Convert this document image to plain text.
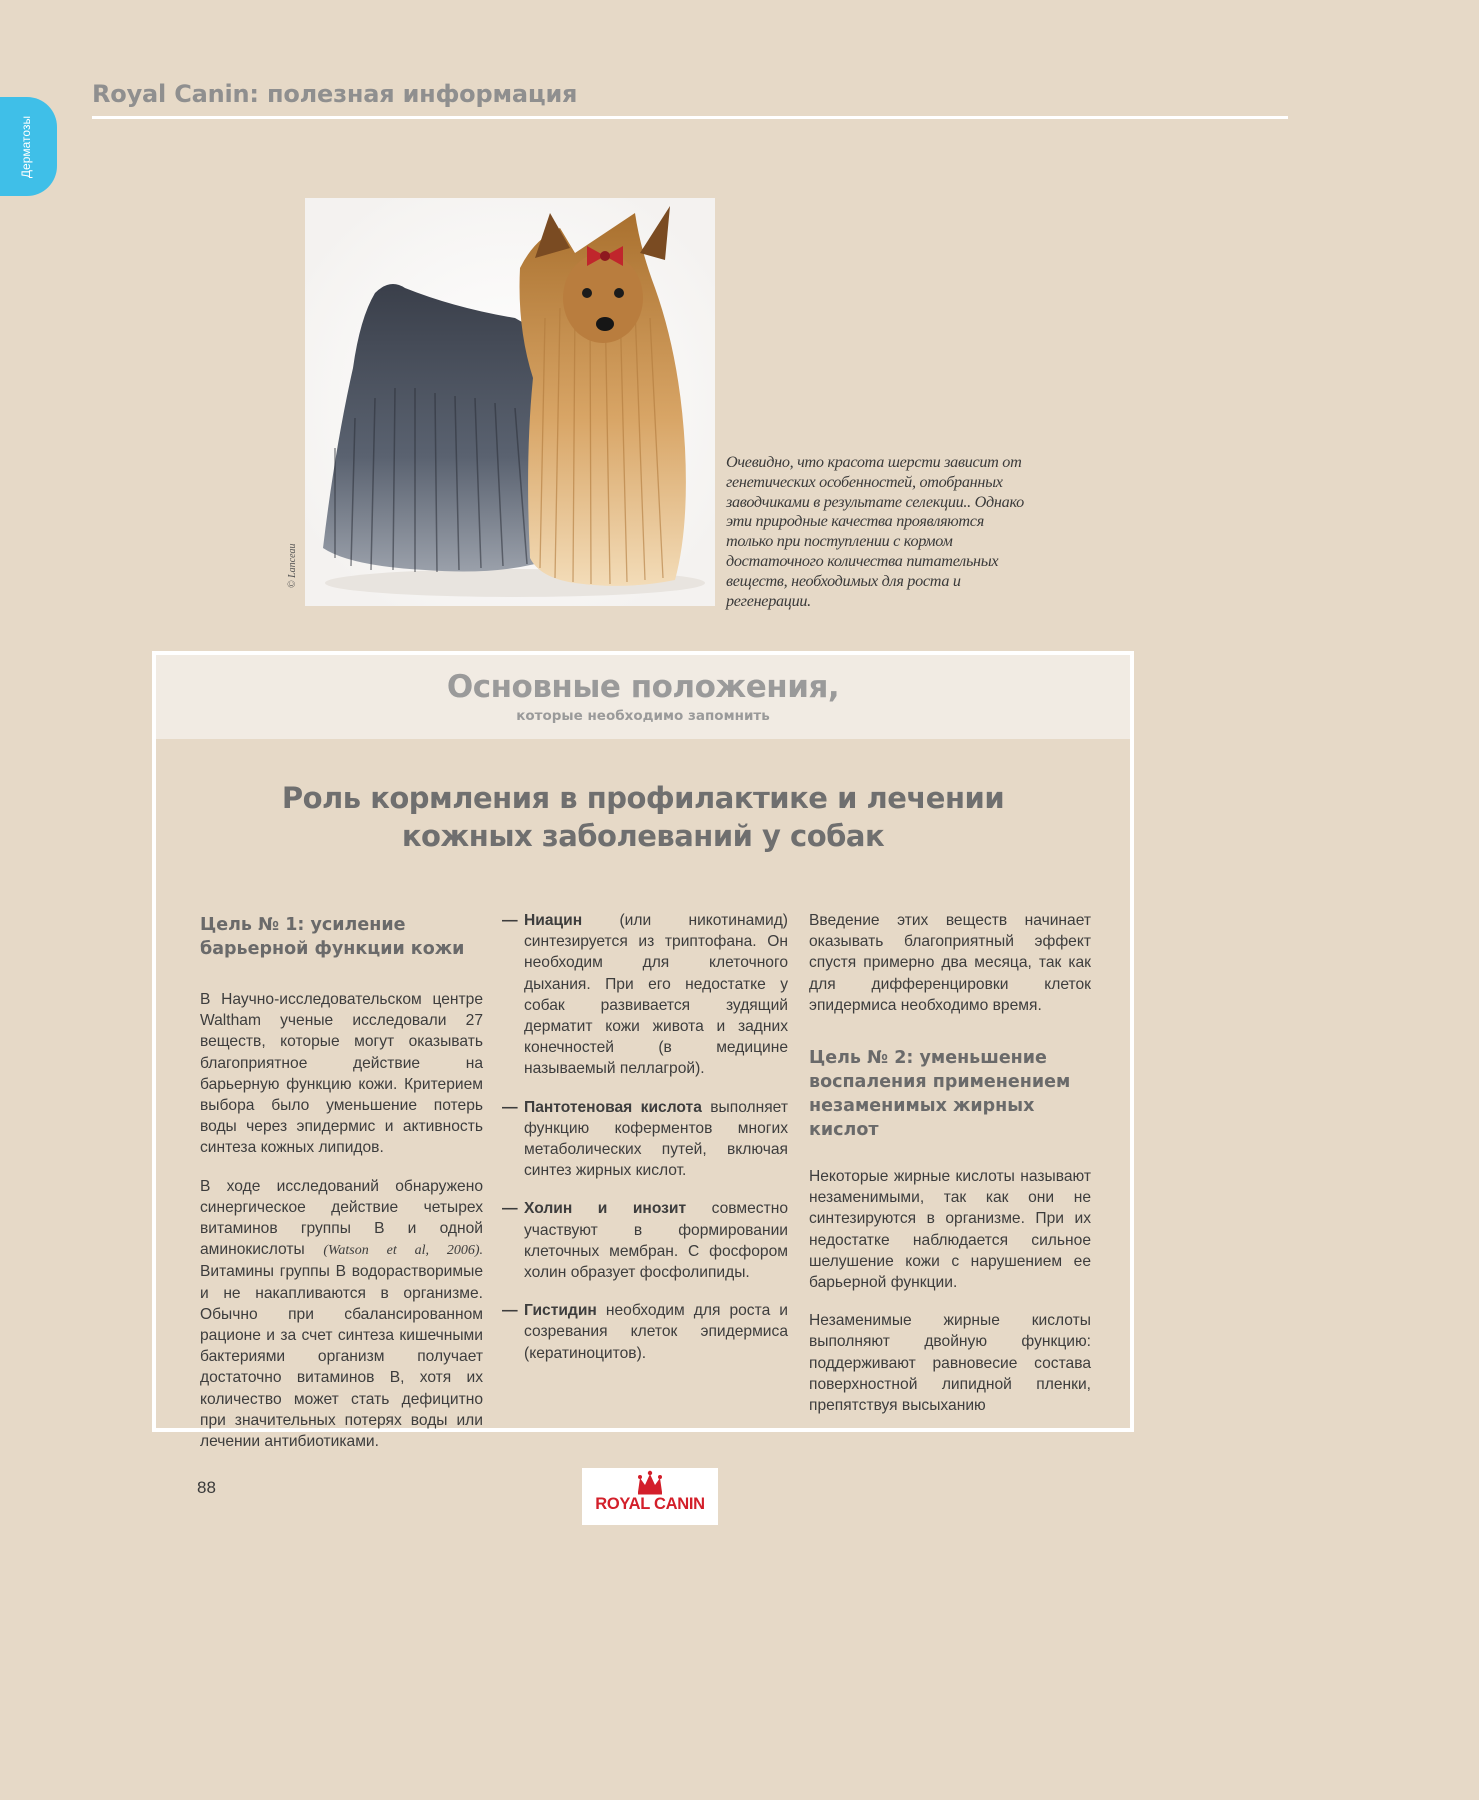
Дерматозы
Royal Canin: полезная информация
© Lanceau
Очевидно, что красота шерсти зависит от генетических особенностей, отобранных заводчиками в результате селекции.. Однако эти природные качества проявляются только при поступлении с кормом достаточного количества питательных веществ, необходимых для роста и регенерации.
Основные положения,
которые необходимо запомнить
Роль кормления в профилактике и лечении
кожных заболеваний у собак
Цель № 1: усиление
барьерной функции кожи

В Научно-исследовательском центре Waltham ученые исследовали 27 веществ, которые могут оказывать благоприятное действие на барьерную функцию кожи. Критерием выбора было уменьшение потерь воды через эпидермис и активность синтеза кожных липидов.

В ходе исследований обнаружено синергическое действие четырех витаминов группы В и одной аминокислоты (Watson et al, 2006). Витамины группы В водорастворимые и не накапливаются в организме. Обычно при сбалансированном рационе и за счет синтеза кишечными бактериями организм получает достаточно витаминов В, хотя их количество может стать дефицитно при значительных потерях воды или лечении антибиотиками.

— Ниацин (или никотинамид) синтезируется из триптофана. Он необходим для клеточного дыхания. При его недостатке у собак развивается зудящий дерматит кожи живота и задних конечностей (в медицине называемый пеллагрой).
— Пантотеновая кислота выполняет функцию коферментов многих метаболических путей, включая синтез жирных кислот.
— Холин и инозит совместно участвуют в формировании клеточных мембран. С фосфором холин образует фосфолипиды.
— Гистидин необходим для роста и созревания клеток эпидермиса (кератиноцитов).

Введение этих веществ начинает оказывать благоприятный эффект спустя примерно два месяца, так как для дифференцировки клеток эпидермиса необходимо время.

Цель № 2: уменьшение
воспаления применением
незаменимых жирных
кислот

Некоторые жирные кислоты называют незаменимыми, так как они не синтезируются в организме. При их недостатке наблюдается сильное шелушение кожи с нарушением ее барьерной функции.

Незаменимые жирные кислоты выполняют двойную функцию: поддерживают равновесие состава поверхностной липидной пленки, препятствуя высыханию

88
ROYAL CANIN
